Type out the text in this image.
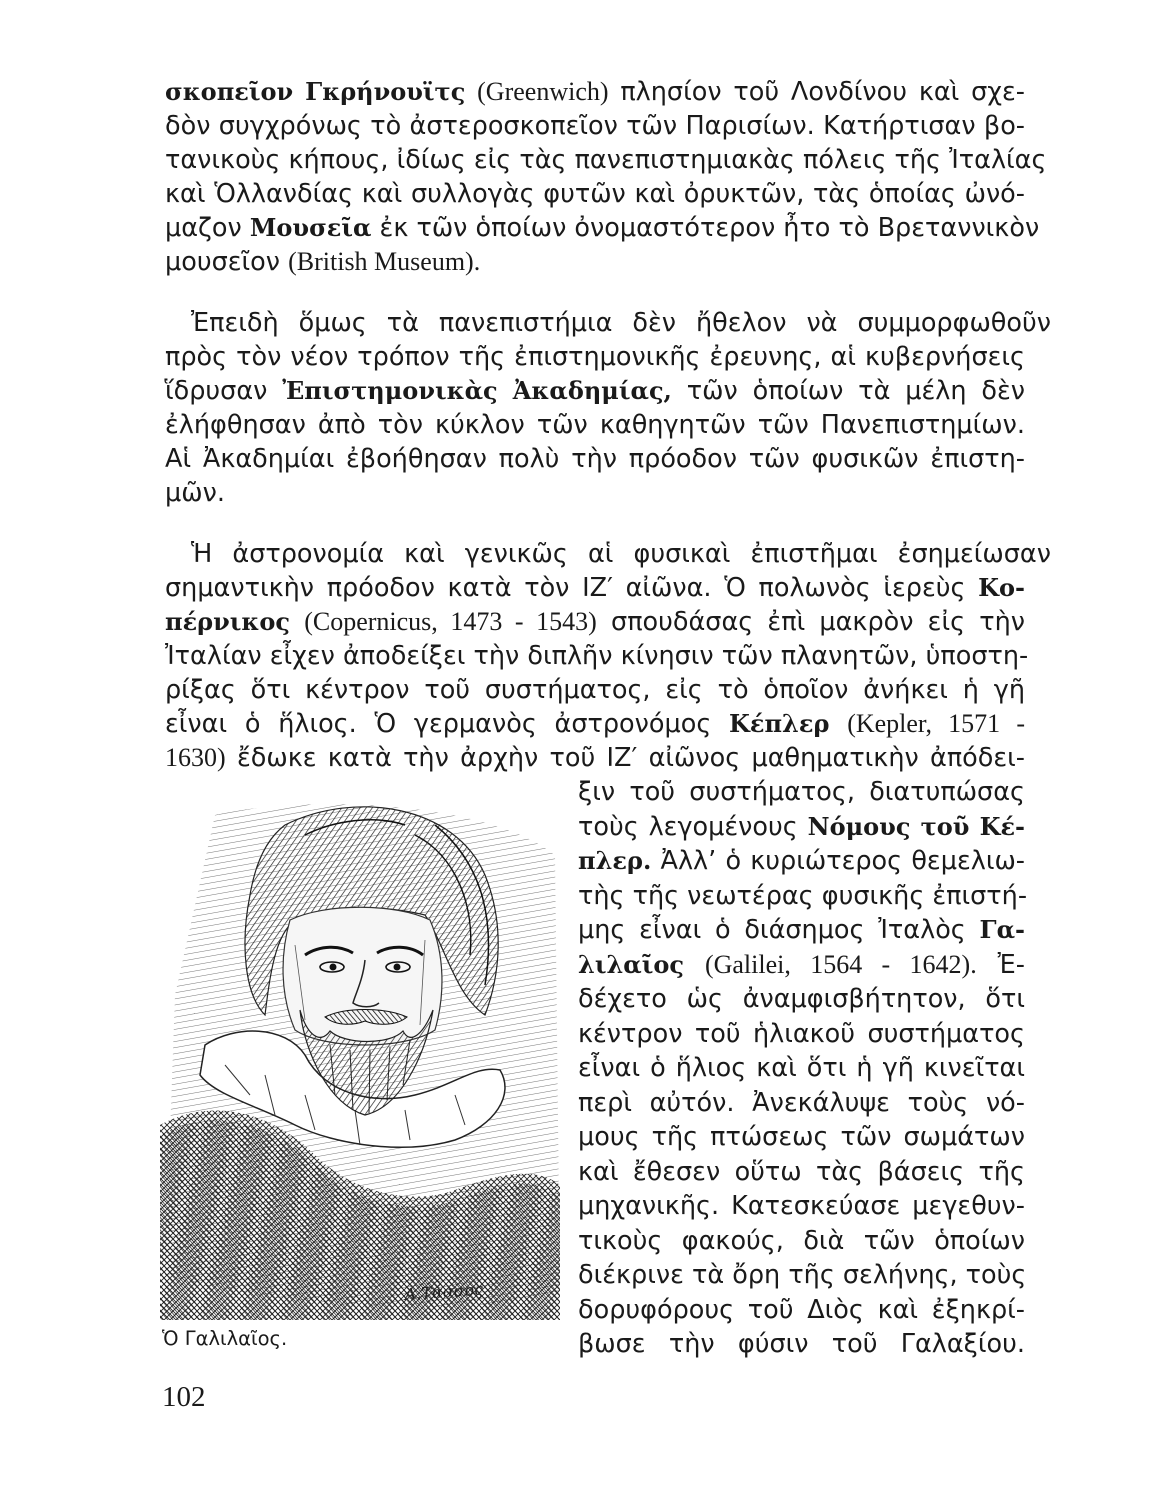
σκοπεῖον Γκρήνουϊτς (Greenwich) πλησίον τοῦ Λονδίνου καὶ σχε-
δὸν συγχρόνως τὸ ἀστεροσκοπεῖον τῶν Παρισίων. Κατήρτισαν βο-
τανικοὺς κήπους, ἰδίως εἰς τὰς πανεπιστημιακὰς πόλεις τῆς Ἰταλίας
καὶ Ὁλλανδίας καὶ συλλογὰς φυτῶν καὶ ὀρυκτῶν, τὰς ὁποίας ὠνό-
μαζον Μουσεῖα ἐκ τῶν ὁποίων ὀνομαστότερον ἦτο τὸ Βρεταννικὸν
μουσεῖον (British Museum).
Ἐπειδὴ ὅμως τὰ πανεπιστήμια δὲν ἤθελον νὰ συμμορφωθοῦν
πρὸς τὸν νέον τρόπον τῆς ἐπιστημονικῆς ἐρευνης, αἱ κυβερνήσεις
ἵδρυσαν Ἐπιστημονικὰς Ἀκαδημίας, τῶν ὁποίων τὰ μέλη δὲν
ἐλήφθησαν ἀπὸ τὸν κύκλον τῶν καθηγητῶν τῶν Πανεπιστημίων.
Αἱ Ἀκαδημίαι ἐβοήθησαν πολὺ τὴν πρόοδον τῶν φυσικῶν ἐπιστη-
μῶν.
Ἡ ἀστρονομία καὶ γενικῶς αἱ φυσικαὶ ἐπιστῆμαι ἐσημείωσαν
σημαντικὴν πρόοδον κατὰ τὸν ΙΖ′ αἰῶνα. Ὁ πολωνὸς ἱερεὺς Κο-
πέρνικος (Copernicus, 1473 - 1543) σπουδάσας ἐπὶ μακρὸν εἰς τὴν
Ἰταλίαν εἶχεν ἀποδείξει τὴν διπλῆν κίνησιν τῶν πλανητῶν, ὑποστη-
ρίξας ὅτι κέντρον τοῦ συστήματος, εἰς τὸ ὁποῖον ἀνήκει ἡ γῆ
εἶναι ὁ ἥλιος. Ὁ γερμανὸς ἀστρονόμος Κέπλερ (Kepler, 1571 -
1630) ἔδωκε κατὰ τὴν ἀρχὴν τοῦ ΙΖ′ αἰῶνος μαθηματικὴν ἀπόδει-
ξιν τοῦ συστήματος, διατυπώσας
τοὺς λεγομένους Νόμους τοῦ Κέ-
πλερ. Ἀλλ’ ὁ κυριώτερος θεμελιω-
τὴς τῆς νεωτέρας φυσικῆς ἐπιστή-
μης εἶναι ὁ διάσημος Ἰταλὸς Γα-
λιλαῖος (Galilei, 1564 - 1642). Ἐ-
δέχετο ὡς ἀναμφισβήτητον, ὅτι
κέντρον τοῦ ἡλιακοῦ συστήματος
εἶναι ὁ ἥλιος καὶ ὅτι ἡ γῆ κινεῖται
περὶ αὐτόν. Ἀνεκάλυψε τοὺς νό-
μους τῆς πτώσεως τῶν σωμάτων
καὶ ἔθεσεν οὕτω τὰς βάσεις τῆς
μηχανικῆς. Κατεσκεύασε μεγεθυν-
τικοὺς φακούς, διὰ τῶν ὁποίων
διέκρινε τὰ ὄρη τῆς σελήνης, τοὺς
δορυφόρους τοῦ Διὸς καὶ ἐξηκρί-
βωσε τὴν φύσιν τοῦ Γαλαξίου.
A.Τάσσος
Ὁ Γαλιλαῖος.
102
